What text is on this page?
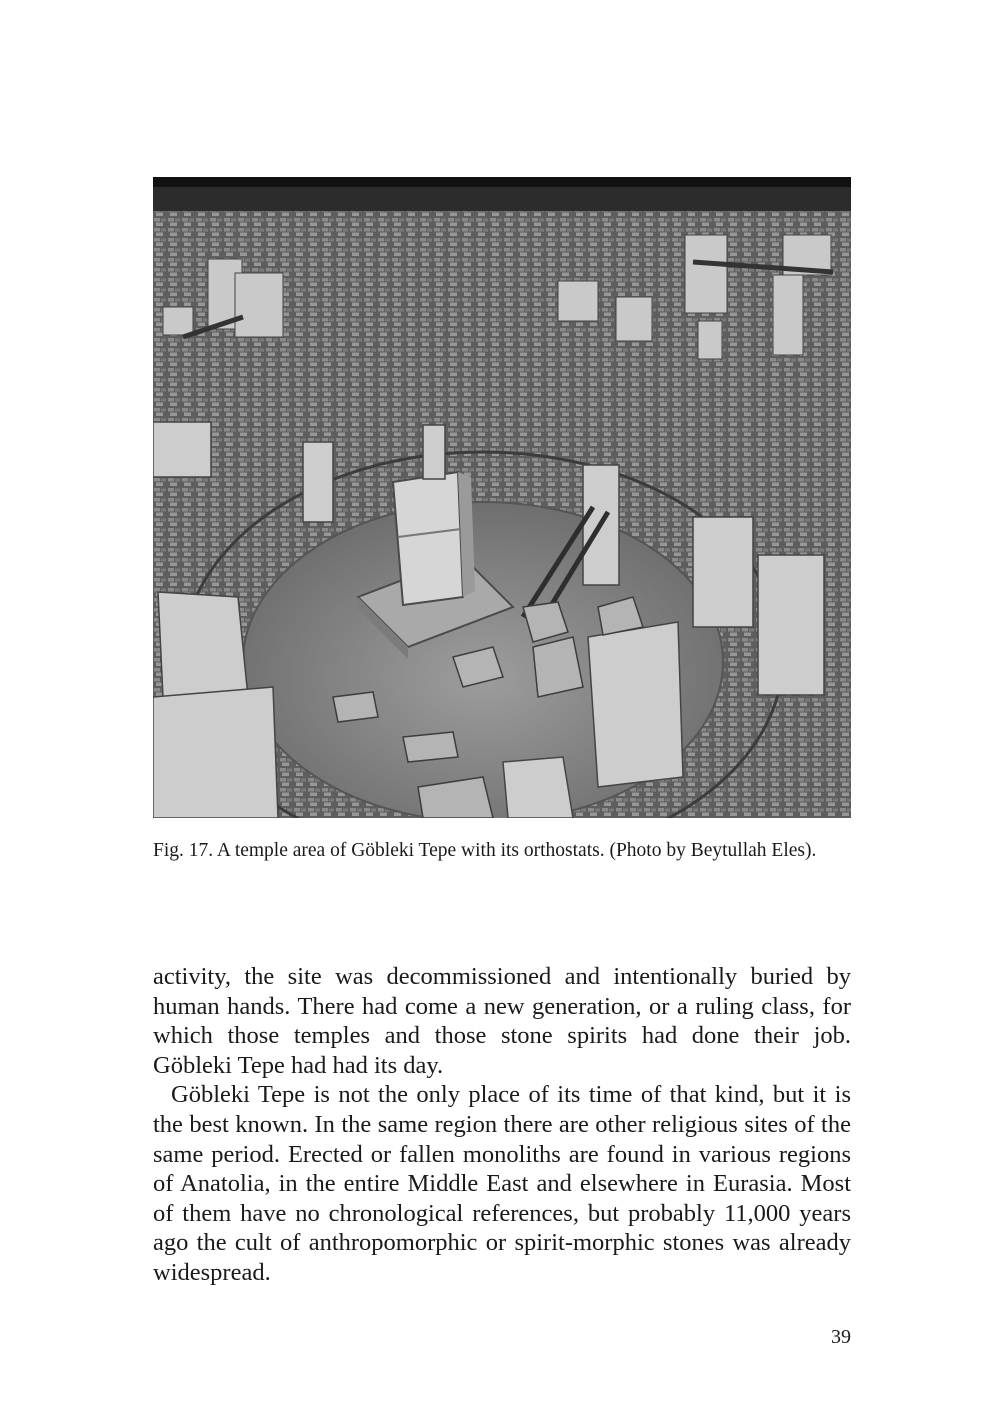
Fig. 17. A temple area of Göbleki Tepe with its orthostats. (Photo by Beytullah Eles).

activity, the site was decommissioned and intentionally buried by human hands. There had come a new generation, or a ruling class, for which those temples and those stone spirits had done their job. Göbleki Tepe had had its day.

Göbleki Tepe is not the only place of its time of that kind, but it is the best known. In the same region there are other religious sites of the same period. Erected or fallen monoliths are found in various regions of Anatolia, in the entire Middle East and elsewhere in Eurasia. Most of them have no chronological references, but probably 11,000 years ago the cult of anthropomorphic or spirit-morphic stones was already widespread.

39
